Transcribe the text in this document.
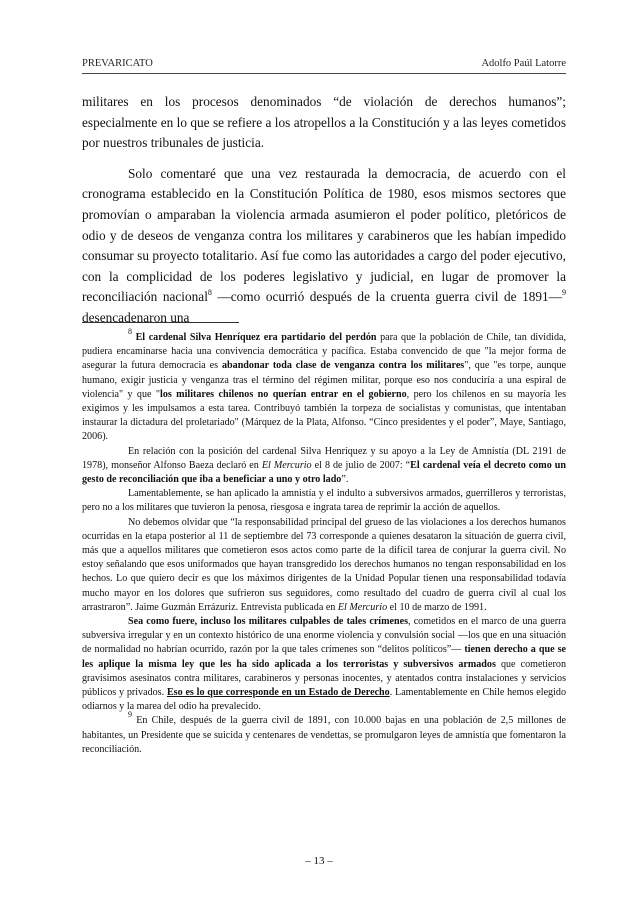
PREVARICATO	Adolfo Paúl Latorre

militares en los procesos denominados “de violación de derechos humanos”; especialmente en lo que se refiere a los atropellos a la Constitución y a las leyes cometidos por nuestros tribunales de justicia.

Solo comentaré que una vez restaurada la democracia, de acuerdo con el cronograma establecido en la Constitución Política de 1980, esos mismos sectores que promovían o amparaban la violencia armada asumieron el poder político, pletóricos de odio y de deseos de venganza contra los militares y carabineros que les habían impedido consumar su proyecto totalitario. Así fue como las autoridades a cargo del poder ejecutivo, con la complicidad de los poderes legislativo y judicial, en lugar de promover la reconciliación nacional$^8$ —como ocurrió después de la cruenta guerra civil de 1891—$^9$ desencadenaron una

$^8$ El cardenal Silva Henríquez era partidario del perdón para que la población de Chile, tan dividida, pudiera encaminarse hacia una convivencia democrática y pacífica. Estaba convencido de que "la mejor forma de asegurar la futura democracia es abandonar toda clase de venganza contra los militares", que "es torpe, aunque humano, exigir justicia y venganza tras el término del régimen militar, porque eso nos conduciría a una espiral de violencia" y que "los militares chilenos no querían entrar en el gobierno, pero los chilenos en su mayoría les exigimos y les impulsamos a esta tarea. Contribuyó también la torpeza de socialistas y comunistas, que intentaban instaurar la dictadura del proletariado" (Márquez de la Plata, Alfonso. “Cinco presidentes y el poder”, Maye, Santiago, 2006).

En relación con la posición del cardenal Silva Henríquez y su apoyo a la Ley de Amnistía (DL 2191 de 1978), monseñor Alfonso Baeza declaró en El Mercurio el 8 de julio de 2007: “El cardenal veía el decreto como un gesto de reconciliación que iba a beneficiar a uno y otro lado”.

Lamentablemente, se han aplicado la amnistía y el indulto a subversivos armados, guerrilleros y terroristas, pero no a los militares que tuvieron la penosa, riesgosa e ingrata tarea de reprimir la acción de aquellos.

No debemos olvidar que “la responsabilidad principal del grueso de las violaciones a los derechos humanos ocurridas en la etapa posterior al 11 de septiembre del 73 corresponde a quienes desataron la situación de guerra civil, más que a aquellos militares que cometieron esos actos como parte de la difícil tarea de conjurar la guerra civil. No estoy señalando que esos uniformados que hayan transgredido los derechos humanos no tengan responsabilidad en los hechos. Lo que quiero decir es que los máximos dirigentes de la Unidad Popular tienen una responsabilidad todavía mucho mayor en los dolores que sufrieron sus seguidores, como resultado del cuadro de guerra civil al cual los arrastraron”. Jaime Guzmán Errázuriz. Entrevista publicada en El Mercurio el 10 de marzo de 1991.

Sea como fuere, incluso los militares culpables de tales crímenes, cometidos en el marco de una guerra subversiva irregular y en un contexto histórico de una enorme violencia y convulsión social —los que en una situación de normalidad no habrían ocurrido, razón por la que tales crímenes son “delitos políticos”— tienen derecho a que se les aplique la misma ley que les ha sido aplicada a los terroristas y subversivos armados que cometieron gravísimos asesinatos contra militares, carabineros y personas inocentes, y atentados contra instalaciones y servicios públicos y privados. Eso es lo que corresponde en un Estado de Derecho. Lamentablemente en Chile hemos elegido odiarnos y la marea del odio ha prevalecido.

$^9$ En Chile, después de la guerra civil de 1891, con 10.000 bajas en una población de 2,5 millones de habitantes, un Presidente que se suicida y centenares de vendettas, se promulgaron leyes de amnistía que fomentaron la reconciliación.

– 13 –
